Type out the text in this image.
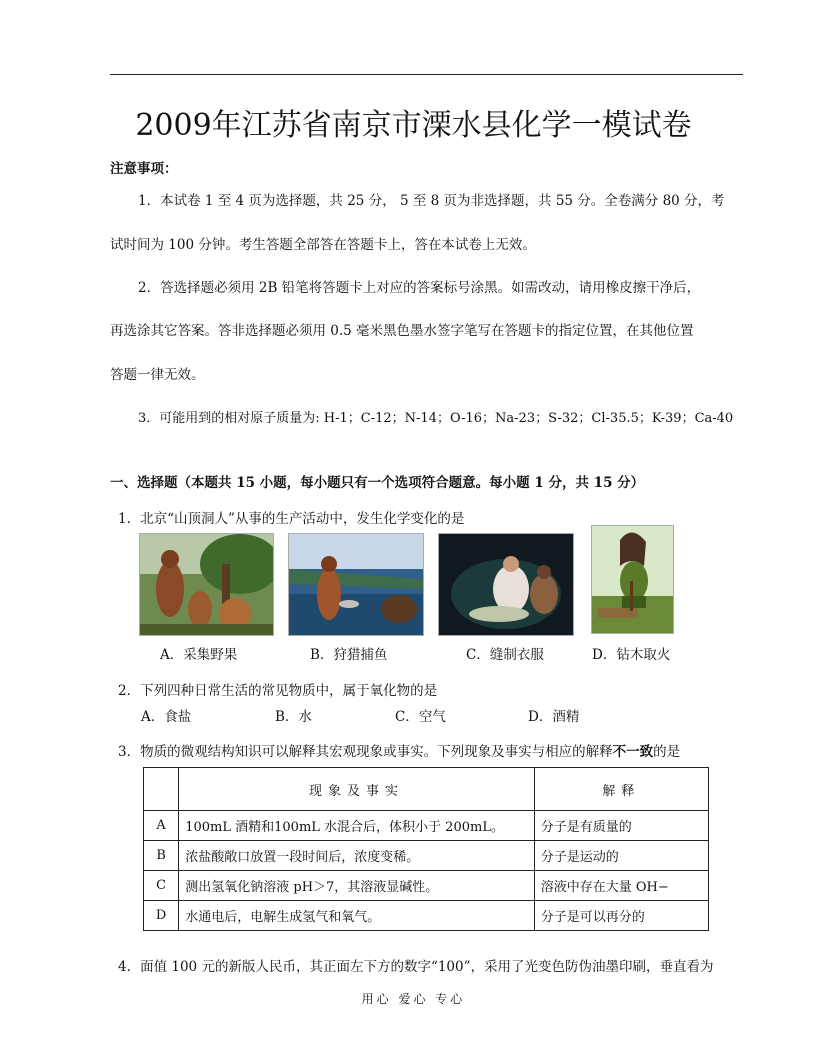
2009年江苏省南京市溧水县化学一模试卷
注意事项：
1．本试卷 1 至 4 页为选择题，共 25 分， 5 至 8 页为非选择题，共 55 分。全卷满分 80 分，考
试时间为 100 分钟。考生答题全部答在答题卡上，答在本试卷上无效。
2．答选择题必须用 2B 铅笔将答题卡上对应的答案标号涂黑。如需改动，请用橡皮擦干净后，
再选涂其它答案。答非选择题必须用 0.5 毫米黑色墨水签字笔写在答题卡的指定位置，在其他位置
答题一律无效。
3．可能用到的相对原子质量为: H-1；C-12；N-14；O-16；Na-23；S-32；Cl-35.5；K-39；Ca-40
一、选择题（本题共 15 小题，每小题只有一个选项符合题意。每小题 1 分，共 15 分）
1．北京“山顶洞人”从事的生产活动中，发生化学变化的是
A．采集野果	B．狩猎捕鱼	C．缝制衣服	D．钻木取火
2．下列四种日常生活的常见物质中，属于氧化物的是
A．食盐	B．水	C．空气	D．酒精
3．物质的微观结构知识可以解释其宏观现象或事实。下列现象及事实与相应的解释不一致的是
	现象及事实	解释
A	100mL 酒精和100mL 水混合后，体积小于 200mL。	分子是有质量的
B	浓盐酸敞口放置一段时间后，浓度变稀。	分子是运动的
C	测出氢氧化钠溶液 pH＞7，其溶液显碱性。	溶液中存在大量 OH−
D	水通电后，电解生成氢气和氧气。	分子是可以再分的
4．面值 100 元的新版人民币，其正面左下方的数字“100”，采用了光变色防伪油墨印刷，垂直看为
用心 爱心 专心
